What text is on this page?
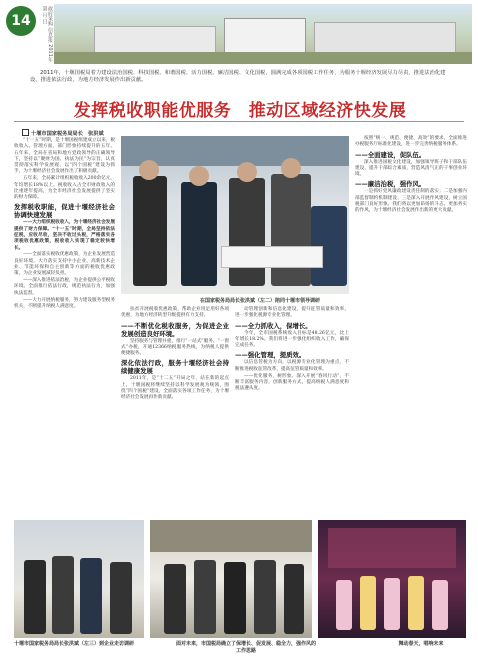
14	政府采购 信息报 2011年 第 月 日
2011年，十堰国税局着力建设法治国税、科技国税、和谐国税、活力国税、廉洁国税、文化国税，圆满完成各项国税工作任务，为服务十堰经济发展尽力尽责，推进法治化建设，推进依法行政，为地方经济发展作出新贡献。
发挥税收职能优服务　推动区域经济快发展
十堰市国家税务局局长　张洪斌

“十一五”时期，是十堰国税组建成立以来，税收收入、管理方面、部门形象持续提升的五年。五年来，全局在省局和地方党政领导的正确领导下，坚持以“聚财为国、执法为民”为宗旨，认真贯彻落实科学发展观，以“四个国税”建设为抓手，为十堰经济社会发展作出了积极贡献。

五年来，全局累计组织税收收入200余亿元，年均增长18%以上。税收收入占全市财政收入的比重逐年提高，为全市经济社会发展提供了坚实的财力保障。

发挥税收职能，促进十堰经济社会协调快速发展

——大力组织税收收入，为十堰经济社会发展提供了财力保障。“十一五”时期，全局坚持依法征税，应收尽收，坚决不收过头税，严格落实各项税收优惠政策，税收收入实现了稳定较快增长。

——全面落实税收优惠政策，为企业发展营造良好环境。大力落实支持中小企业、高新技术企业、节能环保和自主创新等方面的税收优惠政策，为企业发展减轻负担。

——深入推进依法治税，为企业提供公平税收环境。全面推行依法行政，规范执法行为，加强执法监督。

——大力开展纳税服务，努力建设服务型税务机关，不断提升纳税人满意度。

在国家税务局局长张洪斌（左二）陪同十堰市领导调研

扶贫开展税收优惠政策，帮助企业用足用好各项优惠，为地方经济转型升级提供有力支持。

——不断优化税收服务，为促进企业发展创造良好环境。

坚持服务与管理并重，推行“一站式”服务、“一窗式”办税，开通12366纳税服务热线，为纳税人提供便捷服务。

深化依法行政，服务十堰经济社会持续健康发展

2011年，是“十二五”开局之年，站在新的起点上，十堰国税将继续坚持以科学发展观为统领，围绕“四个国税”建设，全面落实各项工作任务，为十堰经济社会发展再作新贡献。

动管理创新和信息化建设，提升征管质量和效率，进一步强化税源专业化管理。

——全力抓收入，保增长。

今年，全市国税系统收入目标是48.26亿元，比上年增长18.2%。我们将进一步强化组织收入工作，确保完成任务。

——强化管理，提质效。

以信息管税为方向，以税源专业化管理为重点，不断推进税收征管改革，提高征管质量和效率。

——优化服务，树形象。深入开展“春风行动”，不断丰富服务内容，创新服务方式，提高纳税人满意度和税法遵从度。

按照“统一、规范、便捷、高效”的要求，全面推进办税服务厅标准化建设，进一步完善纳税服务体系。

——全面建设，促队伍。

深入推进国税文化建设，加强领导班子和干部队伍建设，提升干部综合素质，营造风清气正的干事创业环境。

——廉洁治税，强作风。

一是抓好党风廉政建设责任制的落实；二是加强内部监督制约机制建设；三是深入开展作风建设，树立国税部门良好形象。我们将以更加昂扬的斗志、更加务实的作风，为十堰经济社会发展作出新的更大贡献。

十堰市国家税务局局长张洪斌（左三）到企业走访调研	面对未来，市国税局确立了保增长、促发展、稳全力，强作风的工作思路
舞动春天，唱响未来
